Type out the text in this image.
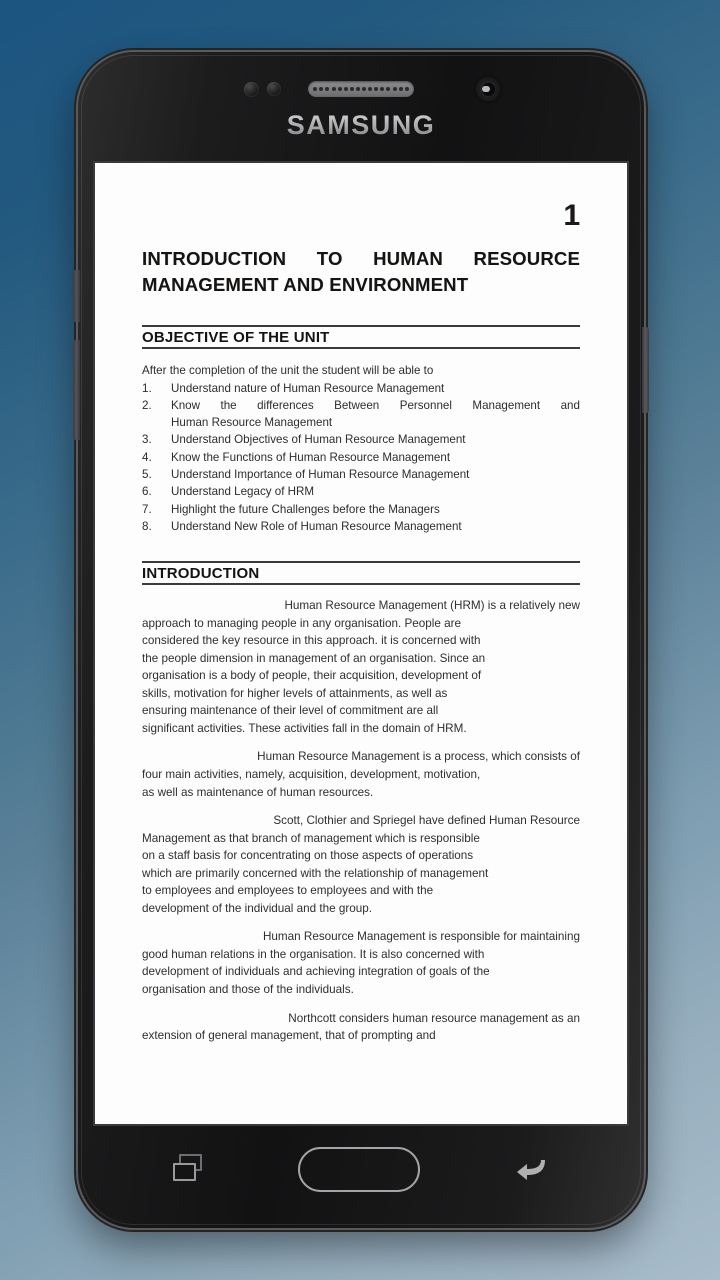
SAMSUNG
1
INTRODUCTION TO HUMAN RESOURCE
MANAGEMENT AND ENVIRONMENT
OBJECTIVE OF THE UNIT
After the completion of the unit the student will be able to
1.	Understand nature of Human Resource Management
2.	Know the differences Between Personnel Management and
Human Resource Management
3.	Understand Objectives of Human Resource Management
4.	Know the Functions of Human Resource Management
5.	Understand Importance of Human Resource Management
6.	Understand Legacy of HRM
7.	Highlight the future Challenges before the Managers
8.	Understand New Role of Human Resource Management
INTRODUCTION

Human Resource Management (HRM) is a relatively new
approach to managing people in any organisation. People are
considered the key resource in this approach. it is concerned with
the people dimension in management of an organisation. Since an
organisation is a body of people, their acquisition, development of
skills, motivation for higher levels of attainments, as well as
ensuring maintenance of their level of commitment are all
significant activities. These activities fall in the domain of HRM.

Human Resource Management is a process, which consists of
four main activities, namely, acquisition, development, motivation,
as well as maintenance of human resources.

Scott, Clothier and Spriegel have defined Human Resource
Management as that branch of management which is responsible
on a staff basis for concentrating on those aspects of operations
which are primarily concerned with the relationship of management
to employees and employees to employees and with the
development of the individual and the group.

Human Resource Management is responsible for maintaining
good human relations in the organisation. It is also concerned with
development of individuals and achieving integration of goals of the
organisation and those of the individuals.

Northcott considers human resource management as an
extension of general management, that of prompting and
